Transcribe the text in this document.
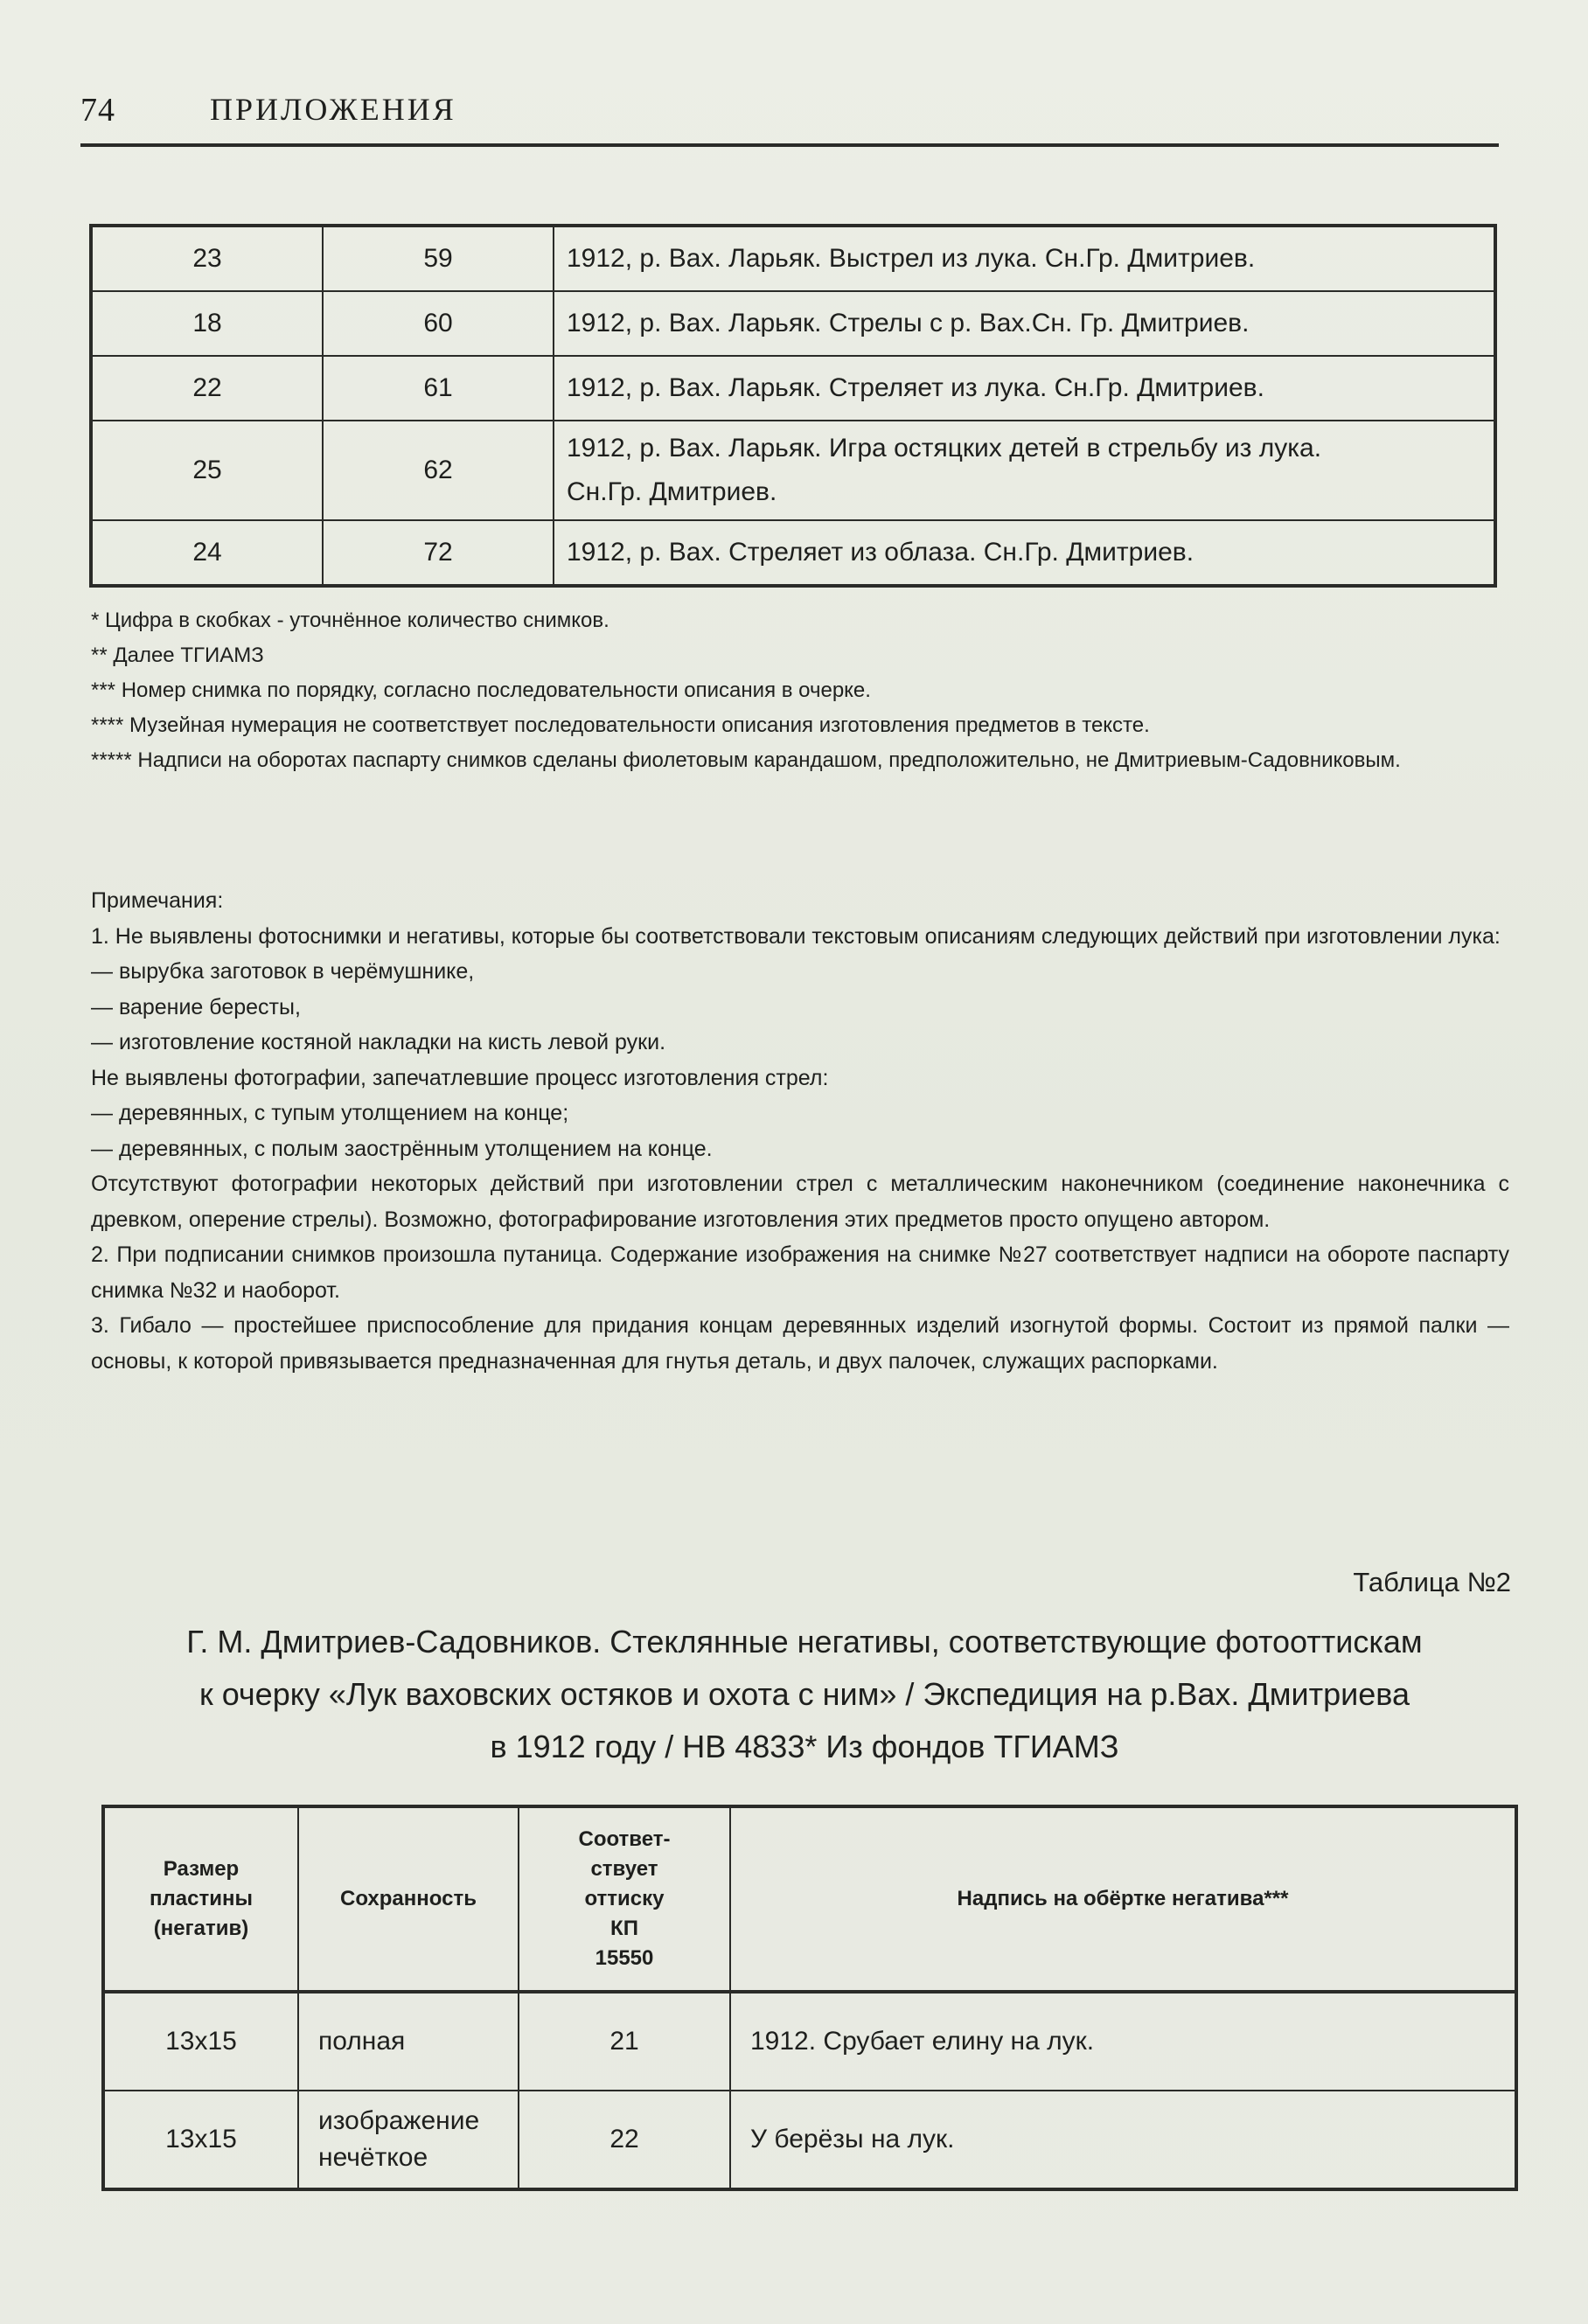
74	ПРИЛОЖЕНИЯ
23	59	1912, р. Вах. Ларьяк. Выстрел из лука. Сн.Гр. Дмитриев.
18	60	1912, р. Вах. Ларьяк. Стрелы с р. Вах.Сн. Гр. Дмитриев.
22	61	1912, р. Вах. Ларьяк. Стреляет из лука. Сн.Гр. Дмитриев.
25	62	1912, р. Вах. Ларьяк. Игра остяцких детей в стрельбу из лука.
Сн.Гр. Дмитриев.
24	72	1912, р. Вах. Стреляет из облаза. Сн.Гр. Дмитриев.
* Цифра в скобках - уточнённое количество снимков.
** Далее ТГИАМЗ
*** Номер снимка по порядку, согласно последовательности описания в очерке.
**** Музейная нумерация не соответствует последовательности описания изготовления предметов в тексте.
***** Надписи на оборотах паспарту снимков сделаны фиолетовым карандашом, предположительно, не Дмитриевым-Садовниковым.

Примечания:

1. Не выявлены фотоснимки и негативы, которые бы соответствовали текстовым описаниям следующих действий при изготовлении лука:

— вырубка заготовок в черёмушнике,

— варение бересты,

— изготовление костяной накладки на кисть левой руки.

Не выявлены фотографии, запечатлевшие процесс изготовления стрел:

— деревянных, с тупым утолщением на конце;

— деревянных, с полым заострённым утолщением на конце.

Отсутствуют фотографии некоторых действий при изготовлении стрел с металлическим наконечником (соединение наконечника с древком, оперение стрелы). Возможно, фотографирование изготовления этих предметов просто опущено автором.

2. При подписании снимков произошла путаница. Содержание изображения на снимке №27 соответствует надписи на обороте паспарту снимка №32 и наоборот.

3. Гибало — простейшее приспособление для придания концам деревянных изделий изогнутой формы. Состоит из прямой палки — основы, к которой привязывается предназначенная для гнутья деталь, и двух палочек, служащих распорками.

Таблица №2
Г. М. Дмитриев-Садовников. Стеклянные негативы, соответствующие фотооттискам
к очерку «Лук ваховских остяков и охота с ним» / Экспедиция на р.Вах. Дмитриева
в 1912 году / НВ 4833* Из фондов ТГИАМЗ
Размер
пластины
(негатив)	Сохранность	Соответ-
ствует
оттиску
КП
15550	Надпись на обёртке негатива***
13х15	полная	21	1912. Срубает елину на лук.
13х15	изображение
нечёткое	22	У берёзы на лук.
